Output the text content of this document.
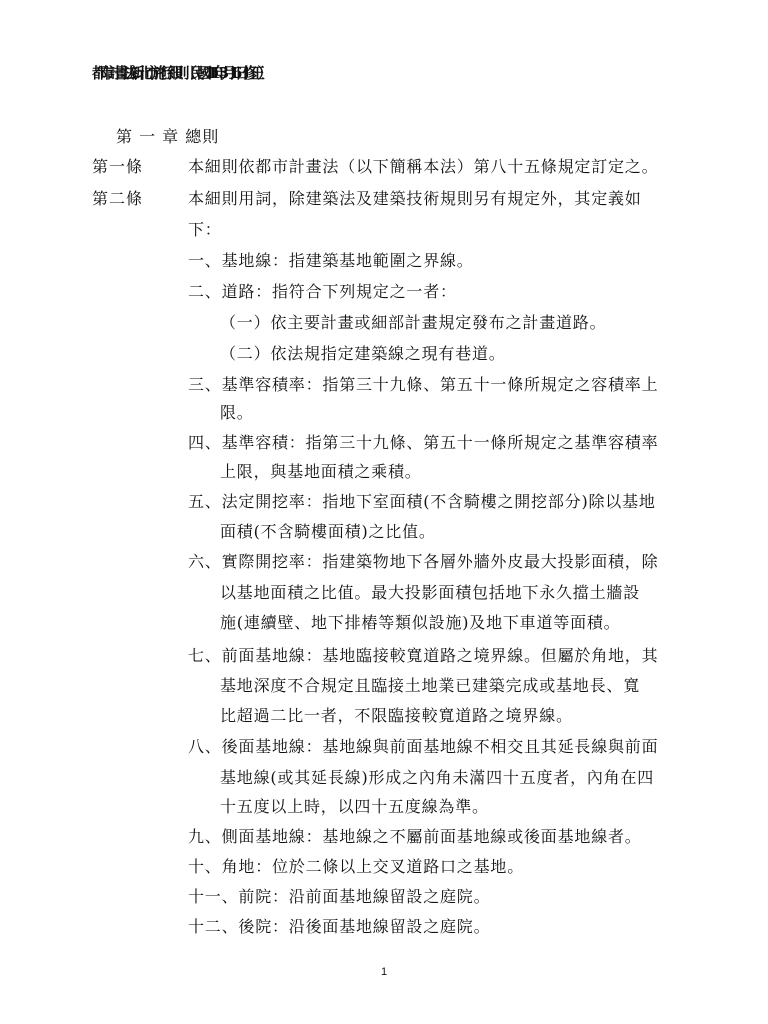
都市計畫法新北市施行細則（民國111年 3月16日修正）
第 一 章 總則
第一條	本細則依都市計畫法（以下簡稱本法）第八十五條規定訂定之。
第二條	本細則用詞，除建築法及建築技術規則另有規定外，其定義如
下：
一、基地線：指建築基地範圍之界線。
二、道路：指符合下列規定之一者：
（一）依主要計畫或細部計畫規定發布之計畫道路。
（二）依法規指定建築線之現有巷道。
三、基準容積率：指第三十九條、第五十一條所規定之容積率上
限。
四、基準容積：指第三十九條、第五十一條所規定之基準容積率
上限，與基地面積之乘積。
五、法定開挖率：指地下室面積(不含騎樓之開挖部分)除以基地
面積(不含騎樓面積)之比值。
六、實際開挖率：指建築物地下各層外牆外皮最大投影面積，除
以基地面積之比值。最大投影面積包括地下永久擋土牆設
施(連續壁、地下排樁等類似設施)及地下車道等面積。
七、前面基地線：基地臨接較寬道路之境界線。但屬於角地，其
基地深度不合規定且臨接土地業已建築完成或基地長、寬
比超過二比一者，不限臨接較寬道路之境界線。
八、後面基地線：基地線與前面基地線不相交且其延長線與前面
基地線(或其延長線)形成之內角未滿四十五度者，內角在四
十五度以上時，以四十五度線為準。
九、側面基地線：基地線之不屬前面基地線或後面基地線者。
十、角地：位於二條以上交叉道路口之基地。
十一、前院：沿前面基地線留設之庭院。
十二、後院：沿後面基地線留設之庭院。
1
